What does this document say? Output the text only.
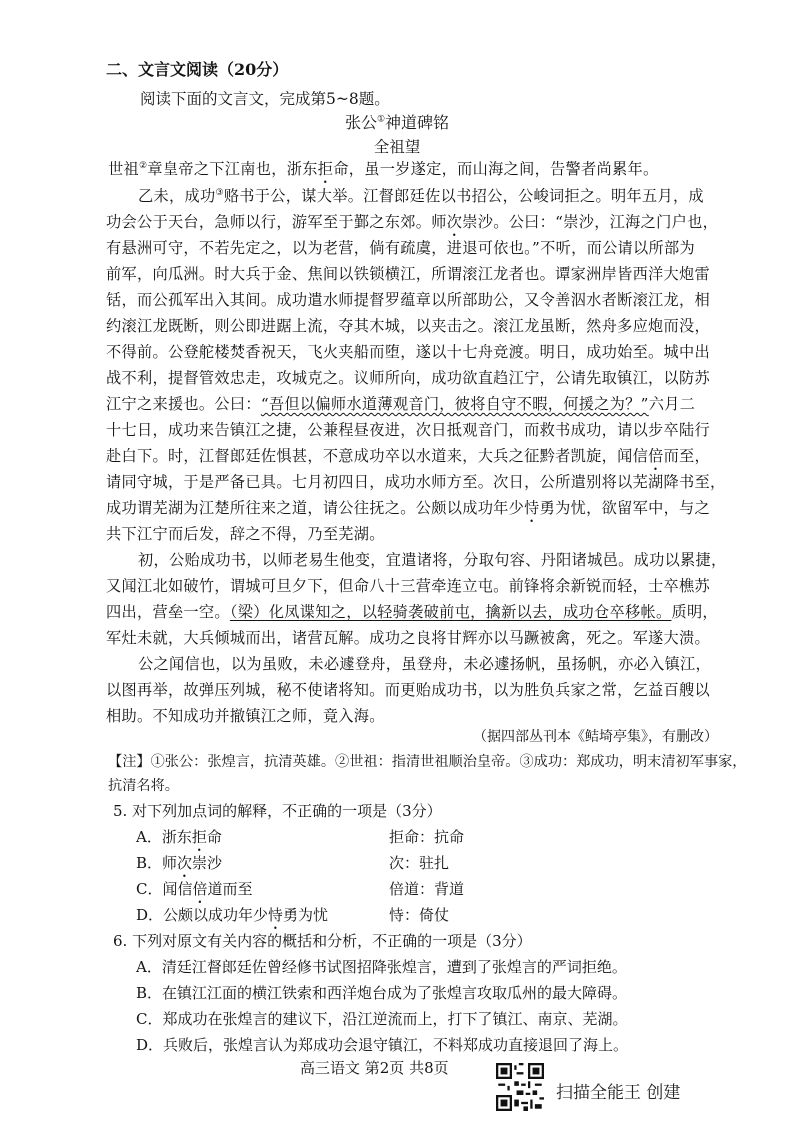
二、文言文阅读（20分）
阅读下面的文言文，完成第5~8题。
张公①神道碑铭
全祖望
世祖②章皇帝之下江南也，浙东拒命，虽一岁遂定，而山海之间，告警者尚累年。
乙未，成功③赂书于公，谋大举。江督郎廷佐以书招公，公峻词拒之。明年五月，成
功会公于天台，急师以行，游军至于鄞之东郊。师次崇沙。公曰：“崇沙，江海之门户也，
有悬洲可守，不若先定之，以为老营，倘有疏虞，进退可依也。”不听，而公请以所部为
前军，向瓜洲。时大兵于金、焦间以铁锁横江，所谓滚江龙者也。谭家洲岸皆西洋大炮雷
铦，而公孤军出入其间。成功遣水师提督罗蕴章以所部助公，又令善泅水者断滚江龙，相
约滚江龙既断，则公即进踞上流，夺其木城，以夹击之。滚江龙虽断，然舟多应炮而没，
不得前。公登舵楼焚香祝天，飞火夹船而堕，遂以十七舟竞渡。明日，成功始至。城中出
战不利，提督管效忠走，攻城克之。议师所向，成功欲直趋江宁，公请先取镇江，以防苏
江宁之来援也。公曰：“吾但以偏师水道薄观音门，彼将自守不暇，何援之为？”六月二
十七日，成功来告镇江之捷，公兼程昼夜进，次日抵观音门，而救书成功，请以步卒陆行
赴白下。时，江督郎廷佐惧甚，不意成功卒以水道来，大兵之征黔者凯旋，闻信倍而至，
请同守城，于是严备已具。七月初四日，成功水师方至。次日，公所遣别将以芜湖降书至，
成功谓芜湖为江楚所往来之道，请公往抚之。公颇以成功年少恃勇为忧，欲留军中，与之
共下江宁而后发，辞之不得，乃至芜湖。
初，公贻成功书，以师老易生他变，宜遣诸将，分取句容、丹阳诸城邑。成功以累捷，
又闻江北如破竹，谓城可旦夕下，但命八十三营牵连立屯。前锋将余新锐而轻，士卒樵苏
四出，营垒一空。（梁）化凤谍知之，以轻骑袭破前屯，擒新以去，成功仓卒移帐。质明，
军灶未就，大兵倾城而出，诸营瓦解。成功之良将甘辉亦以马蹶被禽，死之。军遂大溃。
公之闻信也，以为虽败，未必遽登舟，虽登舟，未必遽扬帆，虽扬帆，亦必入镇江，
以图再举，故弹压列城，秘不使诸将知。而更贻成功书，以为胜负兵家之常，乞益百艘以
相助。不知成功并撤镇江之师，竟入海。
（据四部丛刊本《鲒埼亭集》，有删改）
【注】①张公：张煌言，抗清英雄。②世祖：指清世祖顺治皇帝。③成功：郑成功，明末清初军事家，
抗清名将。
5. 对下列加点词的解释，不正确的一项是（3分）
A．浙东拒命	拒命：抗命
B．师次崇沙	次：驻扎
C．闻信倍道而至	倍道：背道
D．公颇以成功年少恃勇为忧	恃：倚仗
6. 下列对原文有关内容的概括和分析，不正确的一项是（3分）
A．清廷江督郎廷佐曾经修书试图招降张煌言，遭到了张煌言的严词拒绝。
B．在镇江江面的横江铁索和西洋炮台成为了张煌言攻取瓜州的最大障碍。
C．郑成功在张煌言的建议下，沿江逆流而上，打下了镇江、南京、芜湖。
D．兵败后，张煌言认为郑成功会退守镇江，不料郑成功直接退回了海上。
高三语文 第2页 共8页
扫描全能王 创建
